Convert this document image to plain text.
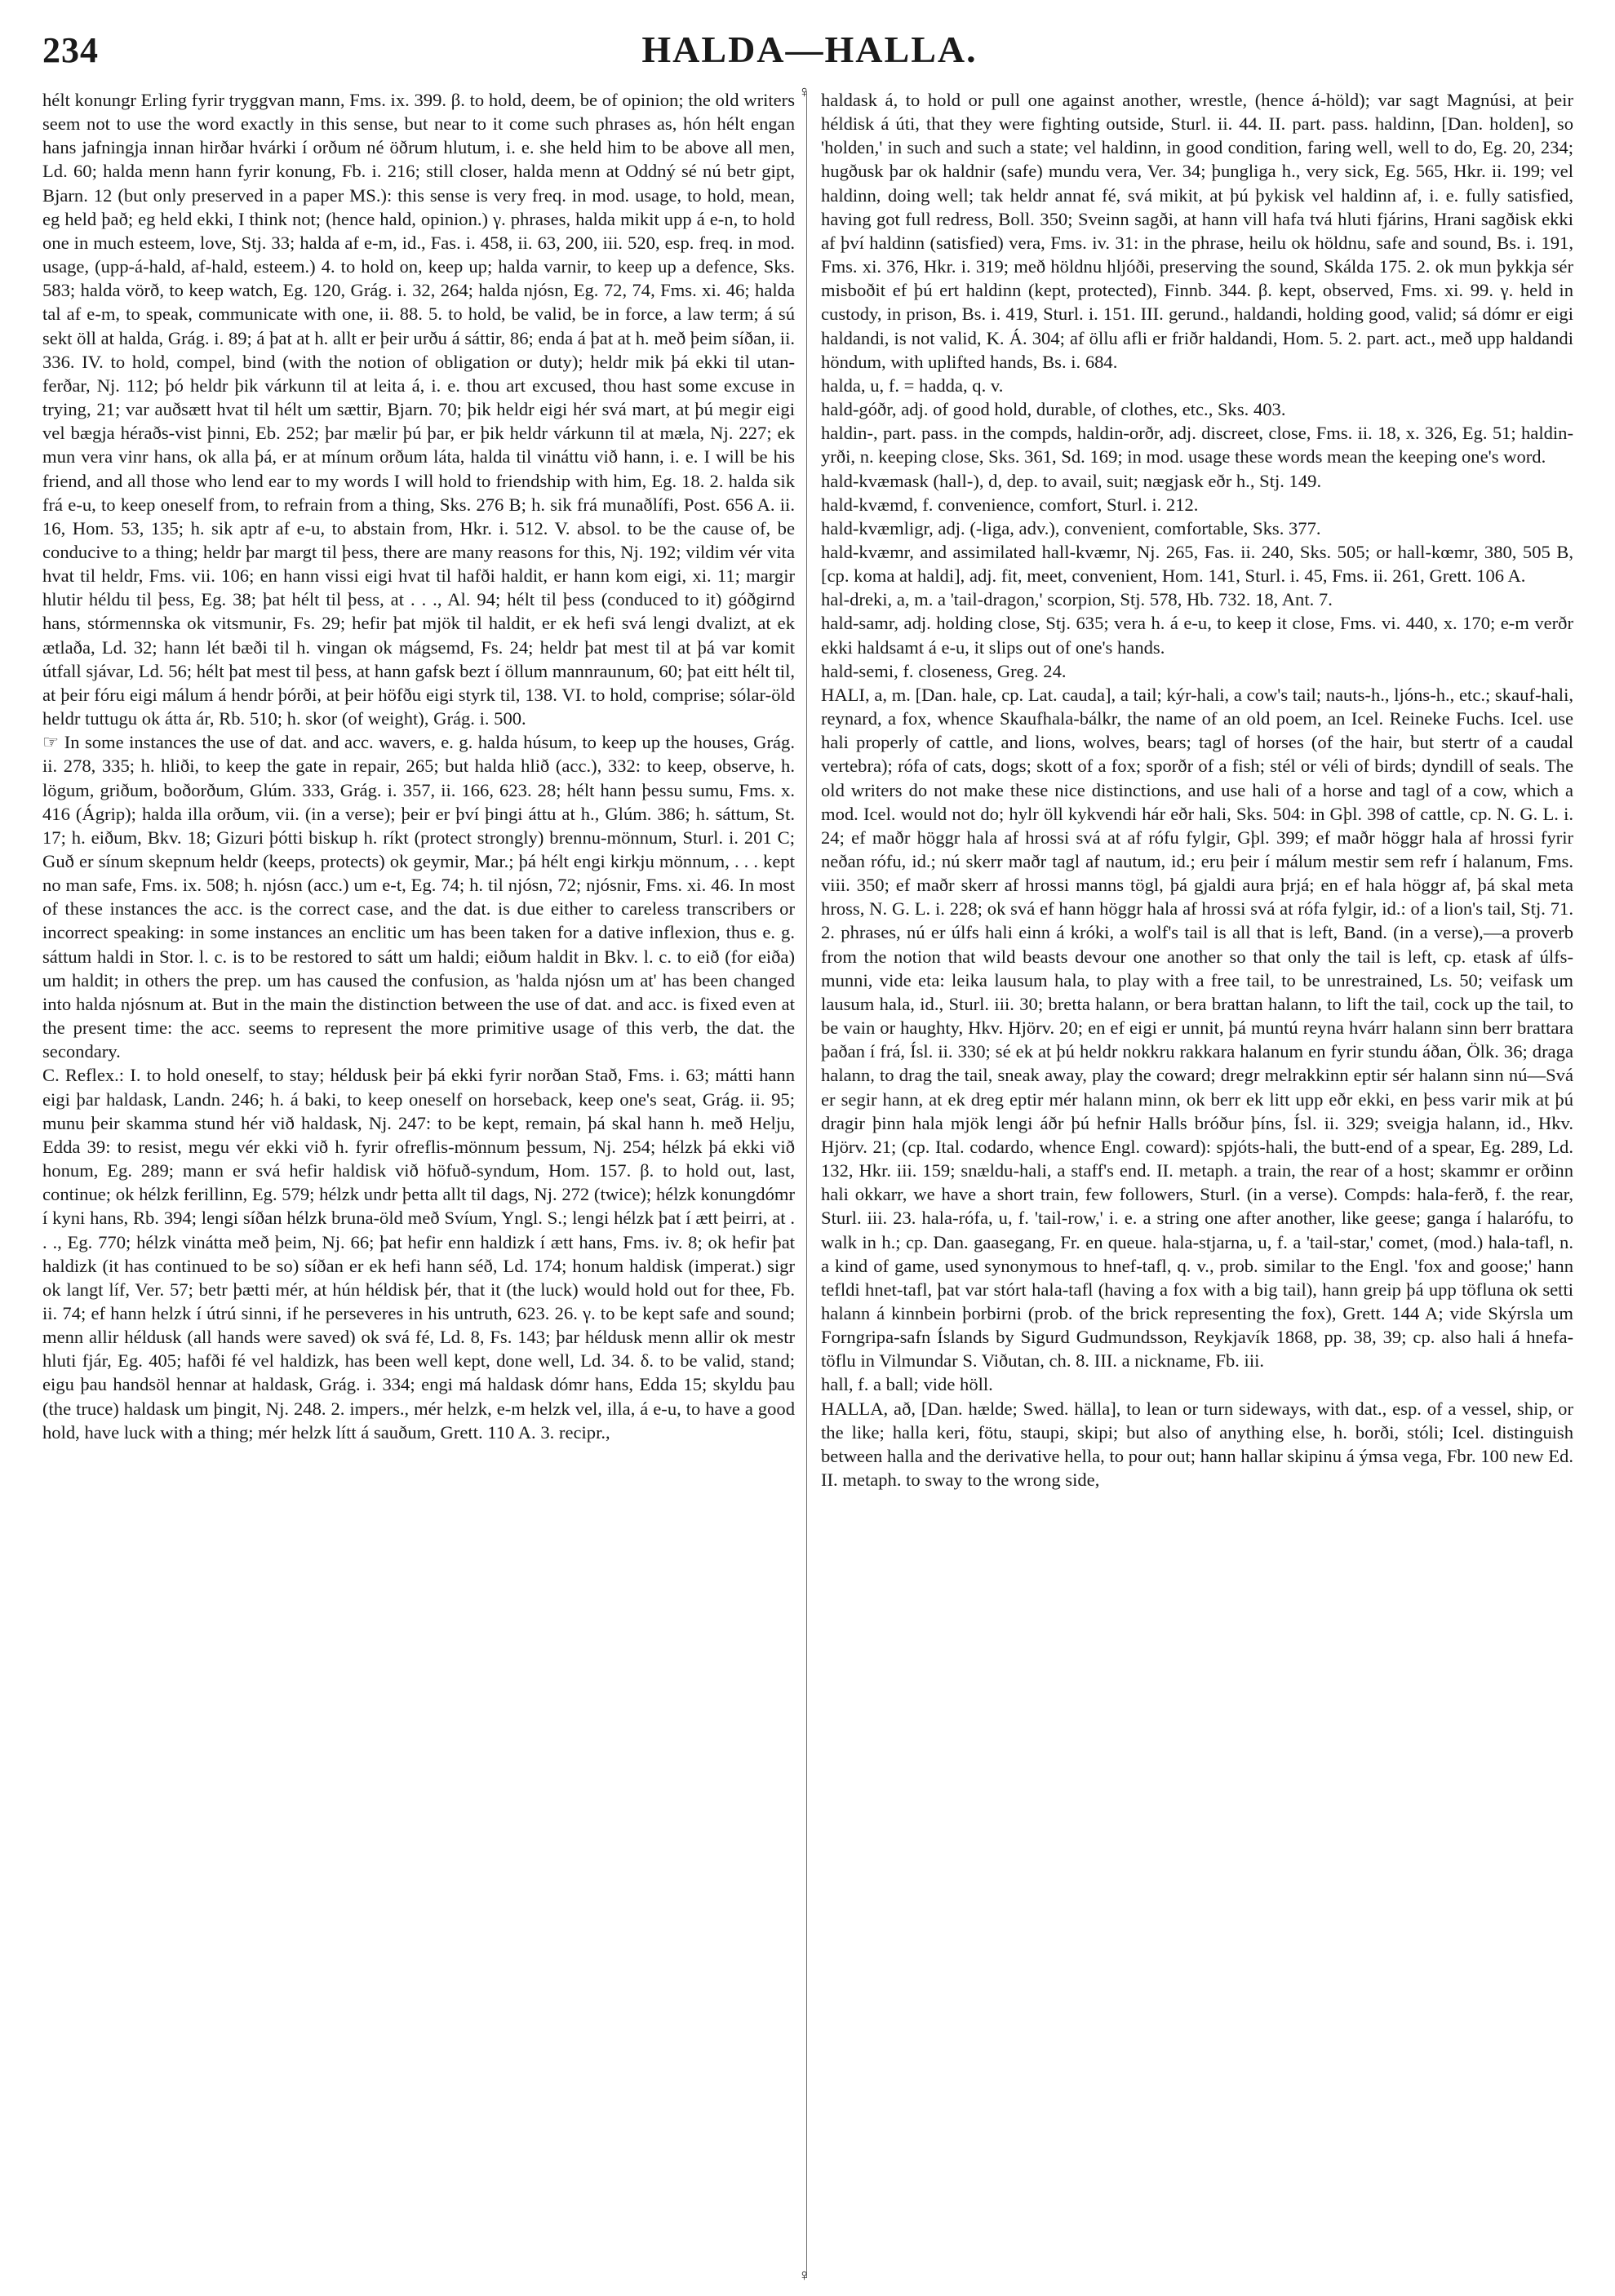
234	HALDA—HALLA.
♀
♀

hélt konungr Erling fyrir tryggvan mann, Fms. ix. 399. β. to hold, deem, be of opinion; the old writers seem not to use the word exactly in this sense, but near to it come such phrases as, hón hélt engan hans jafningja innan hirðar hvárki í orðum né öðrum hlutum, i. e. she held him to be above all men, Ld. 60; halda menn hann fyrir konung, Fb. i. 216; still closer, halda menn at Oddný sé nú betr gipt, Bjarn. 12 (but only preserved in a paper MS.): this sense is very freq. in mod. usage, to hold, mean, eg held það; eg held ekki, I think not; (hence hald, opinion.) γ. phrases, halda mikit upp á e-n, to hold one in much esteem, love, Stj. 33; halda af e-m, id., Fas. i. 458, ii. 63, 200, iii. 520, esp. freq. in mod. usage, (upp-á-hald, af-hald, esteem.) 4. to hold on, keep up; halda varnir, to keep up a defence, Sks. 583; halda vörð, to keep watch, Eg. 120, Grág. i. 32, 264; halda njósn, Eg. 72, 74, Fms. xi. 46; halda tal af e-m, to speak, communicate with one, ii. 88. 5. to hold, be valid, be in force, a law term; á sú sekt öll at halda, Grág. i. 89; á þat at h. allt er þeir urðu á sáttir, 86; enda á þat at h. með þeim síðan, ii. 336. IV. to hold, compel, bind (with the notion of obligation or duty); heldr mik þá ekki til utan-ferðar, Nj. 112; þó heldr þik várkunn til at leita á, i. e. thou art excused, thou hast some excuse in trying, 21; var auðsætt hvat til hélt um sættir, Bjarn. 70; þik heldr eigi hér svá mart, at þú megir eigi vel bægja héraðs-vist þinni, Eb. 252; þar mælir þú þar, er þik heldr várkunn til at mæla, Nj. 227; ek mun vera vinr hans, ok alla þá, er at mínum orðum láta, halda til vináttu við hann, i. e. I will be his friend, and all those who lend ear to my words I will hold to friendship with him, Eg. 18. 2. halda sik frá e-u, to keep oneself from, to refrain from a thing, Sks. 276 B; h. sik frá munaðlífi, Post. 656 A. ii. 16, Hom. 53, 135; h. sik aptr af e-u, to abstain from, Hkr. i. 512. V. absol. to be the cause of, be conducive to a thing; heldr þar margt til þess, there are many reasons for this, Nj. 192; vildim vér vita hvat til heldr, Fms. vii. 106; en hann vissi eigi hvat til hafði haldit, er hann kom eigi, xi. 11; margir hlutir héldu til þess, Eg. 38; þat hélt til þess, at . . ., Al. 94; hélt til þess (conduced to it) góðgirnd hans, stórmennska ok vitsmunir, Fs. 29; hefir þat mjök til haldit, er ek hefi svá lengi dvalizt, at ek ætlaða, Ld. 32; hann lét bæði til h. vingan ok mágsemd, Fs. 24; heldr þat mest til at þá var komit útfall sjávar, Ld. 56; hélt þat mest til þess, at hann gafsk bezt í öllum mannraunum, 60; þat eitt hélt til, at þeir fóru eigi málum á hendr þórði, at þeir höfðu eigi styrk til, 138. VI. to hold, comprise; sólar-öld heldr tuttugu ok átta ár, Rb. 510; h. skor (of weight), Grág. i. 500.

☞ In some instances the use of dat. and acc. wavers, e. g. halda húsum, to keep up the houses, Grág. ii. 278, 335; h. hliði, to keep the gate in repair, 265; but halda hlið (acc.), 332: to keep, observe, h. lögum, griðum, boðorðum, Glúm. 333, Grág. i. 357, ii. 166, 623. 28; hélt hann þessu sumu, Fms. x. 416 (Ágrip); halda illa orðum, vii. (in a verse); þeir er því þingi áttu at h., Glúm. 386; h. sáttum, St. 17; h. eiðum, Bkv. 18; Gizuri þótti biskup h. ríkt (protect strongly) brennu-mönnum, Sturl. i. 201 C; Guð er sínum skepnum heldr (keeps, protects) ok geymir, Mar.; þá hélt engi kirkju mönnum, . . . kept no man safe, Fms. ix. 508; h. njósn (acc.) um e-t, Eg. 74; h. til njósn, 72; njósnir, Fms. xi. 46. In most of these instances the acc. is the correct case, and the dat. is due either to careless transcribers or incorrect speaking: in some instances an enclitic um has been taken for a dative inflexion, thus e. g. sáttum haldi in Stor. l. c. is to be restored to sátt um haldi; eiðum haldit in Bkv. l. c. to eið (for eiða) um haldit; in others the prep. um has caused the confusion, as 'halda njósn um at' has been changed into halda njósnum at. But in the main the distinction between the use of dat. and acc. is fixed even at the present time: the acc. seems to represent the more primitive usage of this verb, the dat. the secondary.

C. Reflex.: I. to hold oneself, to stay; héldusk þeir þá ekki fyrir norðan Stað, Fms. i. 63; mátti hann eigi þar haldask, Landn. 246; h. á baki, to keep oneself on horseback, keep one's seat, Grág. ii. 95; munu þeir skamma stund hér við haldask, Nj. 247: to be kept, remain, þá skal hann h. með Helju, Edda 39: to resist, megu vér ekki við h. fyrir ofreflis-mönnum þessum, Nj. 254; hélzk þá ekki við honum, Eg. 289; mann er svá hefir haldisk við höfuð-syndum, Hom. 157. β. to hold out, last, continue; ok hélzk ferillinn, Eg. 579; hélzk undr þetta allt til dags, Nj. 272 (twice); hélzk konungdómr í kyni hans, Rb. 394; lengi síðan hélzk bruna-öld með Svíum, Yngl. S.; lengi hélzk þat í ætt þeirri, at . . ., Eg. 770; hélzk vinátta með þeim, Nj. 66; þat hefir enn haldizk í ætt hans, Fms. iv. 8; ok hefir þat haldizk (it has continued to be so) síðan er ek hefi hann séð, Ld. 174; honum haldisk (imperat.) sigr ok langt líf, Ver. 57; betr þætti mér, at hún héldisk þér, that it (the luck) would hold out for thee, Fb. ii. 74; ef hann helzk í útrú sinni, if he perseveres in his untruth, 623. 26. γ. to be kept safe and sound; menn allir héldusk (all hands were saved) ok svá fé, Ld. 8, Fs. 143; þar héldusk menn allir ok mestr hluti fjár, Eg. 405; hafði fé vel haldizk, has been well kept, done well, Ld. 34. δ. to be valid, stand; eigu þau handsöl hennar at haldask, Grág. i. 334; engi má haldask dómr hans, Edda 15; skyldu þau (the truce) haldask um þingit, Nj. 248. 2. impers., mér helzk, e-m helzk vel, illa, á e-u, to have a good hold, have luck with a thing; mér helzk lítt á sauðum, Grett. 110 A. 3. recipr.,

haldask á, to hold or pull one against another, wrestle, (hence á-höld); var sagt Magnúsi, at þeir héldisk á úti, that they were fighting outside, Sturl. ii. 44. II. part. pass. haldinn, [Dan. holden], so 'holden,' in such and such a state; vel haldinn, in good condition, faring well, well to do, Eg. 20, 234; hugðusk þar ok haldnir (safe) mundu vera, Ver. 34; þungliga h., very sick, Eg. 565, Hkr. ii. 199; vel haldinn, doing well; tak heldr annat fé, svá mikit, at þú þykisk vel haldinn af, i. e. fully satisfied, having got full redress, Boll. 350; Sveinn sagði, at hann vill hafa tvá hluti fjárins, Hrani sagðisk ekki af því haldinn (satisfied) vera, Fms. iv. 31: in the phrase, heilu ok höldnu, safe and sound, Bs. i. 191, Fms. xi. 376, Hkr. i. 319; með höldnu hljóði, preserving the sound, Skálda 175. 2. ok mun þykkja sér misboðit ef þú ert haldinn (kept, protected), Finnb. 344. β. kept, observed, Fms. xi. 99. γ. held in custody, in prison, Bs. i. 419, Sturl. i. 151. III. gerund., haldandi, holding good, valid; sá dómr er eigi haldandi, is not valid, K. Á. 304; af öllu afli er friðr haldandi, Hom. 5. 2. part. act., með upp haldandi höndum, with uplifted hands, Bs. i. 684.

halda, u, f. = hadda, q. v.

hald-góðr, adj. of good hold, durable, of clothes, etc., Sks. 403.

haldin-, part. pass. in the compds, haldin-orðr, adj. discreet, close, Fms. ii. 18, x. 326, Eg. 51; haldin-yrði, n. keeping close, Sks. 361, Sd. 169; in mod. usage these words mean the keeping one's word.

hald-kvæmask (hall-), d, dep. to avail, suit; nægjask eðr h., Stj. 149.

hald-kvæmd, f. convenience, comfort, Sturl. i. 212.

hald-kvæmligr, adj. (-liga, adv.), convenient, comfortable, Sks. 377.

hald-kvæmr, and assimilated hall-kvæmr, Nj. 265, Fas. ii. 240, Sks. 505; or hall-kœmr, 380, 505 B, [cp. koma at haldi], adj. fit, meet, convenient, Hom. 141, Sturl. i. 45, Fms. ii. 261, Grett. 106 A.

hal-dreki, a, m. a 'tail-dragon,' scorpion, Stj. 578, Hb. 732. 18, Ant. 7.

hald-samr, adj. holding close, Stj. 635; vera h. á e-u, to keep it close, Fms. vi. 440, x. 170; e-m verðr ekki haldsamt á e-u, it slips out of one's hands.

hald-semi, f. closeness, Greg. 24.

HALI, a, m. [Dan. hale, cp. Lat. cauda], a tail; kýr-hali, a cow's tail; nauts-h., ljóns-h., etc.; skauf-hali, reynard, a fox, whence Skaufhala-bálkr, the name of an old poem, an Icel. Reineke Fuchs. Icel. use hali properly of cattle, and lions, wolves, bears; tagl of horses (of the hair, but stertr of a caudal vertebra); rófa of cats, dogs; skott of a fox; sporðr of a fish; stél or véli of birds; dyndill of seals. The old writers do not make these nice distinctions, and use hali of a horse and tagl of a cow, which a mod. Icel. would not do; hylr öll kykvendi hár eðr hali, Sks. 504: in Gþl. 398 of cattle, cp. N. G. L. i. 24; ef maðr höggr hala af hrossi svá at af rófu fylgir, Gþl. 399; ef maðr höggr hala af hrossi fyrir neðan rófu, id.; nú skerr maðr tagl af nautum, id.; eru þeir í málum mestir sem refr í halanum, Fms. viii. 350; ef maðr skerr af hrossi manns tögl, þá gjaldi aura þrjá; en ef hala höggr af, þá skal meta hross, N. G. L. i. 228; ok svá ef hann höggr hala af hrossi svá at rófa fylgir, id.: of a lion's tail, Stj. 71. 2. phrases, nú er úlfs hali einn á króki, a wolf's tail is all that is left, Band. (in a verse),—a proverb from the notion that wild beasts devour one another so that only the tail is left, cp. etask af úlfs-munni, vide eta: leika lausum hala, to play with a free tail, to be unrestrained, Ls. 50; veifask um lausum hala, id., Sturl. iii. 30; bretta halann, or bera brattan halann, to lift the tail, cock up the tail, to be vain or haughty, Hkv. Hjörv. 20; en ef eigi er unnit, þá muntú reyna hvárr halann sinn berr brattara þaðan í frá, Ísl. ii. 330; sé ek at þú heldr nokkru rakkara halanum en fyrir stundu áðan, Ölk. 36; draga halann, to drag the tail, sneak away, play the coward; dregr melrakkinn eptir sér halann sinn nú—Svá er segir hann, at ek dreg eptir mér halann minn, ok berr ek litt upp eðr ekki, en þess varir mik at þú dragir þinn hala mjök lengi áðr þú hefnir Halls bróður þíns, Ísl. ii. 329; sveigja halann, id., Hkv. Hjörv. 21; (cp. Ital. codardo, whence Engl. coward): spjóts-hali, the butt-end of a spear, Eg. 289, Ld. 132, Hkr. iii. 159; snældu-hali, a staff's end. II. metaph. a train, the rear of a host; skammr er orðinn hali okkarr, we have a short train, few followers, Sturl. (in a verse). Compds: hala-ferð, f. the rear, Sturl. iii. 23. hala-rófa, u, f. 'tail-row,' i. e. a string one after another, like geese; ganga í halarófu, to walk in h.; cp. Dan. gaasegang, Fr. en queue. hala-stjarna, u, f. a 'tail-star,' comet, (mod.) hala-tafl, n. a kind of game, used synonymous to hnef-tafl, q. v., prob. similar to the Engl. 'fox and goose;' hann tefldi hnet-tafl, þat var stórt hala-tafl (having a fox with a big tail), hann greip þá upp töfluna ok setti halann á kinnbein þorbirni (prob. of the brick representing the fox), Grett. 144 A; vide Skýrsla um Forngripa-safn Íslands by Sigurd Gudmundsson, Reykjavík 1868, pp. 38, 39; cp. also hali á hnefa-töflu in Vilmundar S. Viðutan, ch. 8. III. a nickname, Fb. iii.

hall, f. a ball; vide höll.

HALLA, að, [Dan. hælde; Swed. hälla], to lean or turn sideways, with dat., esp. of a vessel, ship, or the like; halla keri, fötu, staupi, skipi; but also of anything else, h. borði, stóli; Icel. distinguish between halla and the derivative hella, to pour out; hann hallar skipinu á ýmsa vega, Fbr. 100 new Ed. II. metaph. to sway to the wrong side,
